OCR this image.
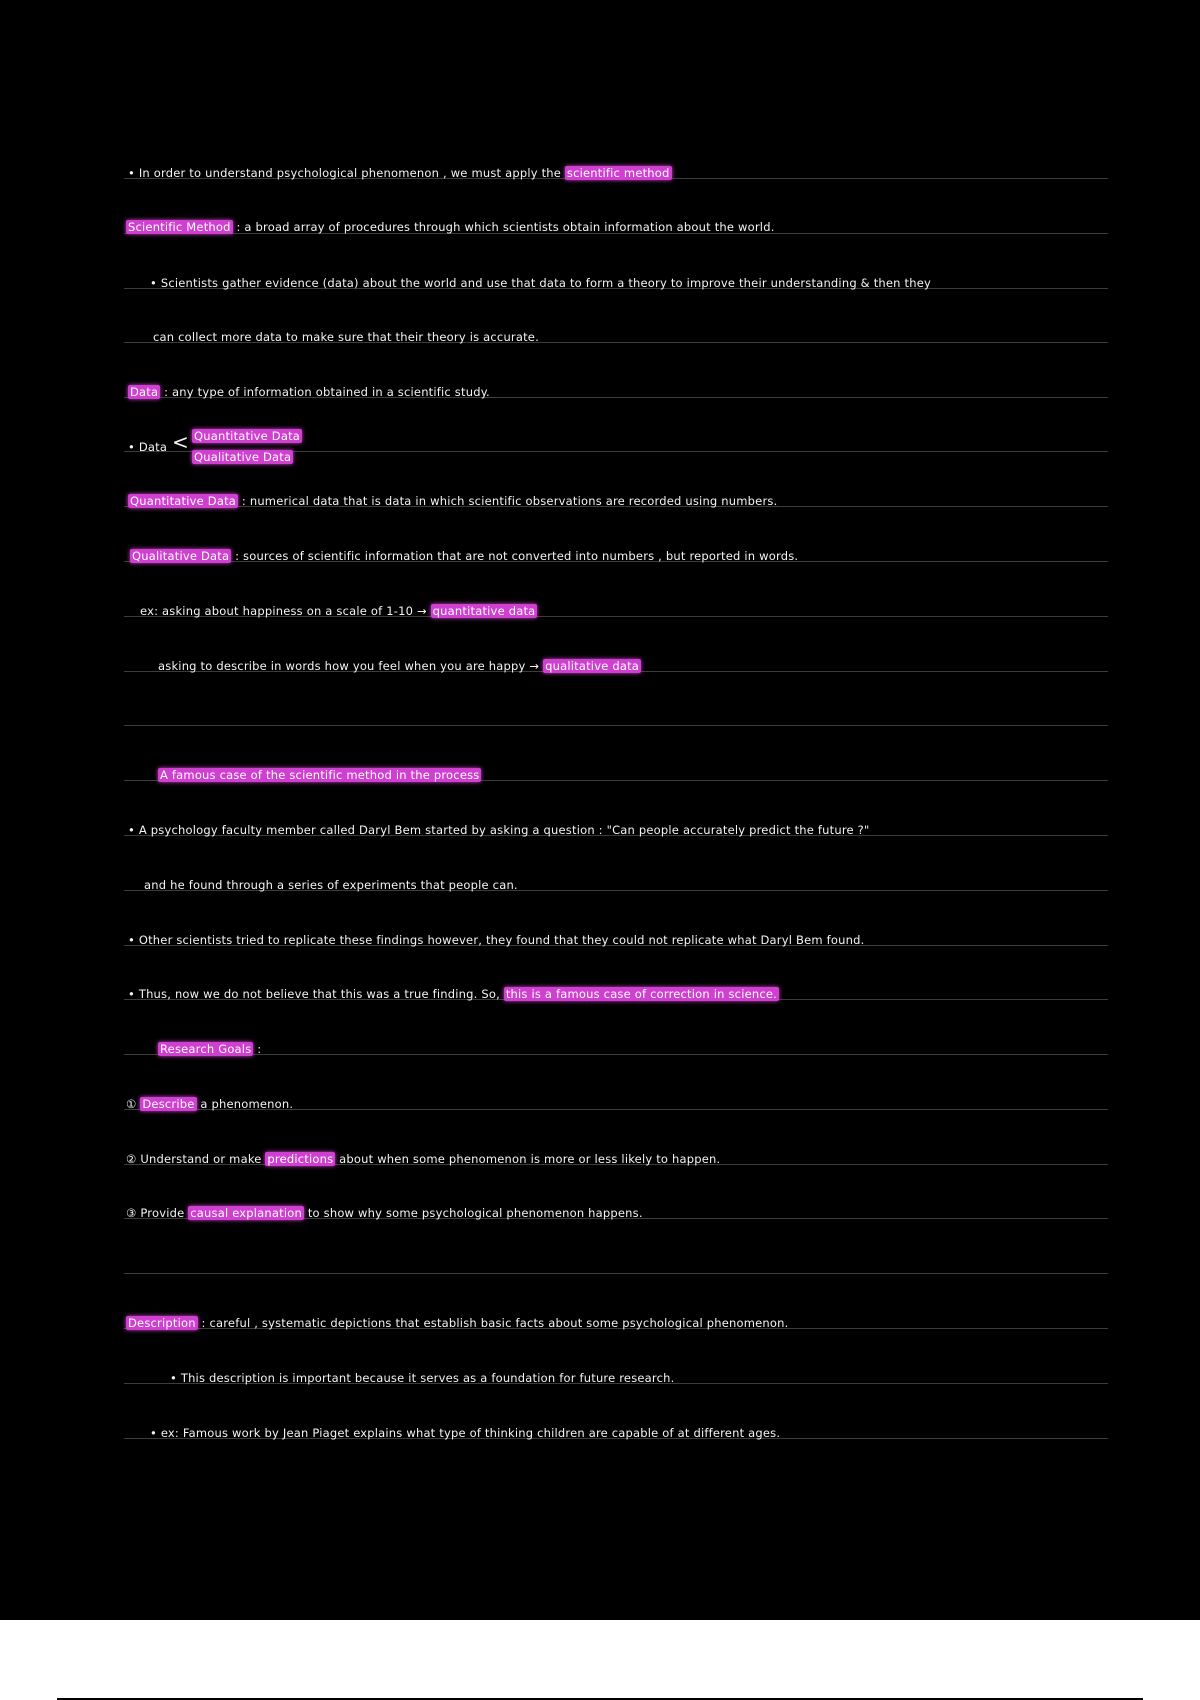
• In order to understand psychological phenomenon , we must apply the scientific method
Scientific Method : a broad array of procedures through which scientists obtain information about the world.
• Scientists gather evidence (data) about the world and use that data to form a theory to improve their understanding & then they
can collect more data to make sure that their theory is accurate.
Data : any type of information obtained in a scientific study.
• Data < Quantitative Data
Qualitative Data
Quantitative Data : numerical data that is data in which scientific observations are recorded using numbers.
Qualitative Data : sources of scientific information that are not converted into numbers , but reported in words.
ex: asking about happiness on a scale of 1-10 → quantitative data
asking to describe in words how you feel when you are happy → qualitative data
A famous case of the scientific method in the process
• A psychology faculty member called Daryl Bem started by asking a question : "Can people accurately predict the future ?"
and he found through a series of experiments that people can.
• Other scientists tried to replicate these findings however, they found that they could not replicate what Daryl Bem found.
• Thus, now we do not believe that this was a true finding. So, this is a famous case of correction in science.
Research Goals :
① Describe a phenomenon.
② Understand or make predictions about when some phenomenon is more or less likely to happen.
③ Provide causal explanation to show why some psychological phenomenon happens.
Description : careful , systematic depictions that establish basic facts about some psychological phenomenon.
• This description is important because it serves as a foundation for future research.
• ex: Famous work by Jean Piaget explains what type of thinking children are capable of at different ages.
